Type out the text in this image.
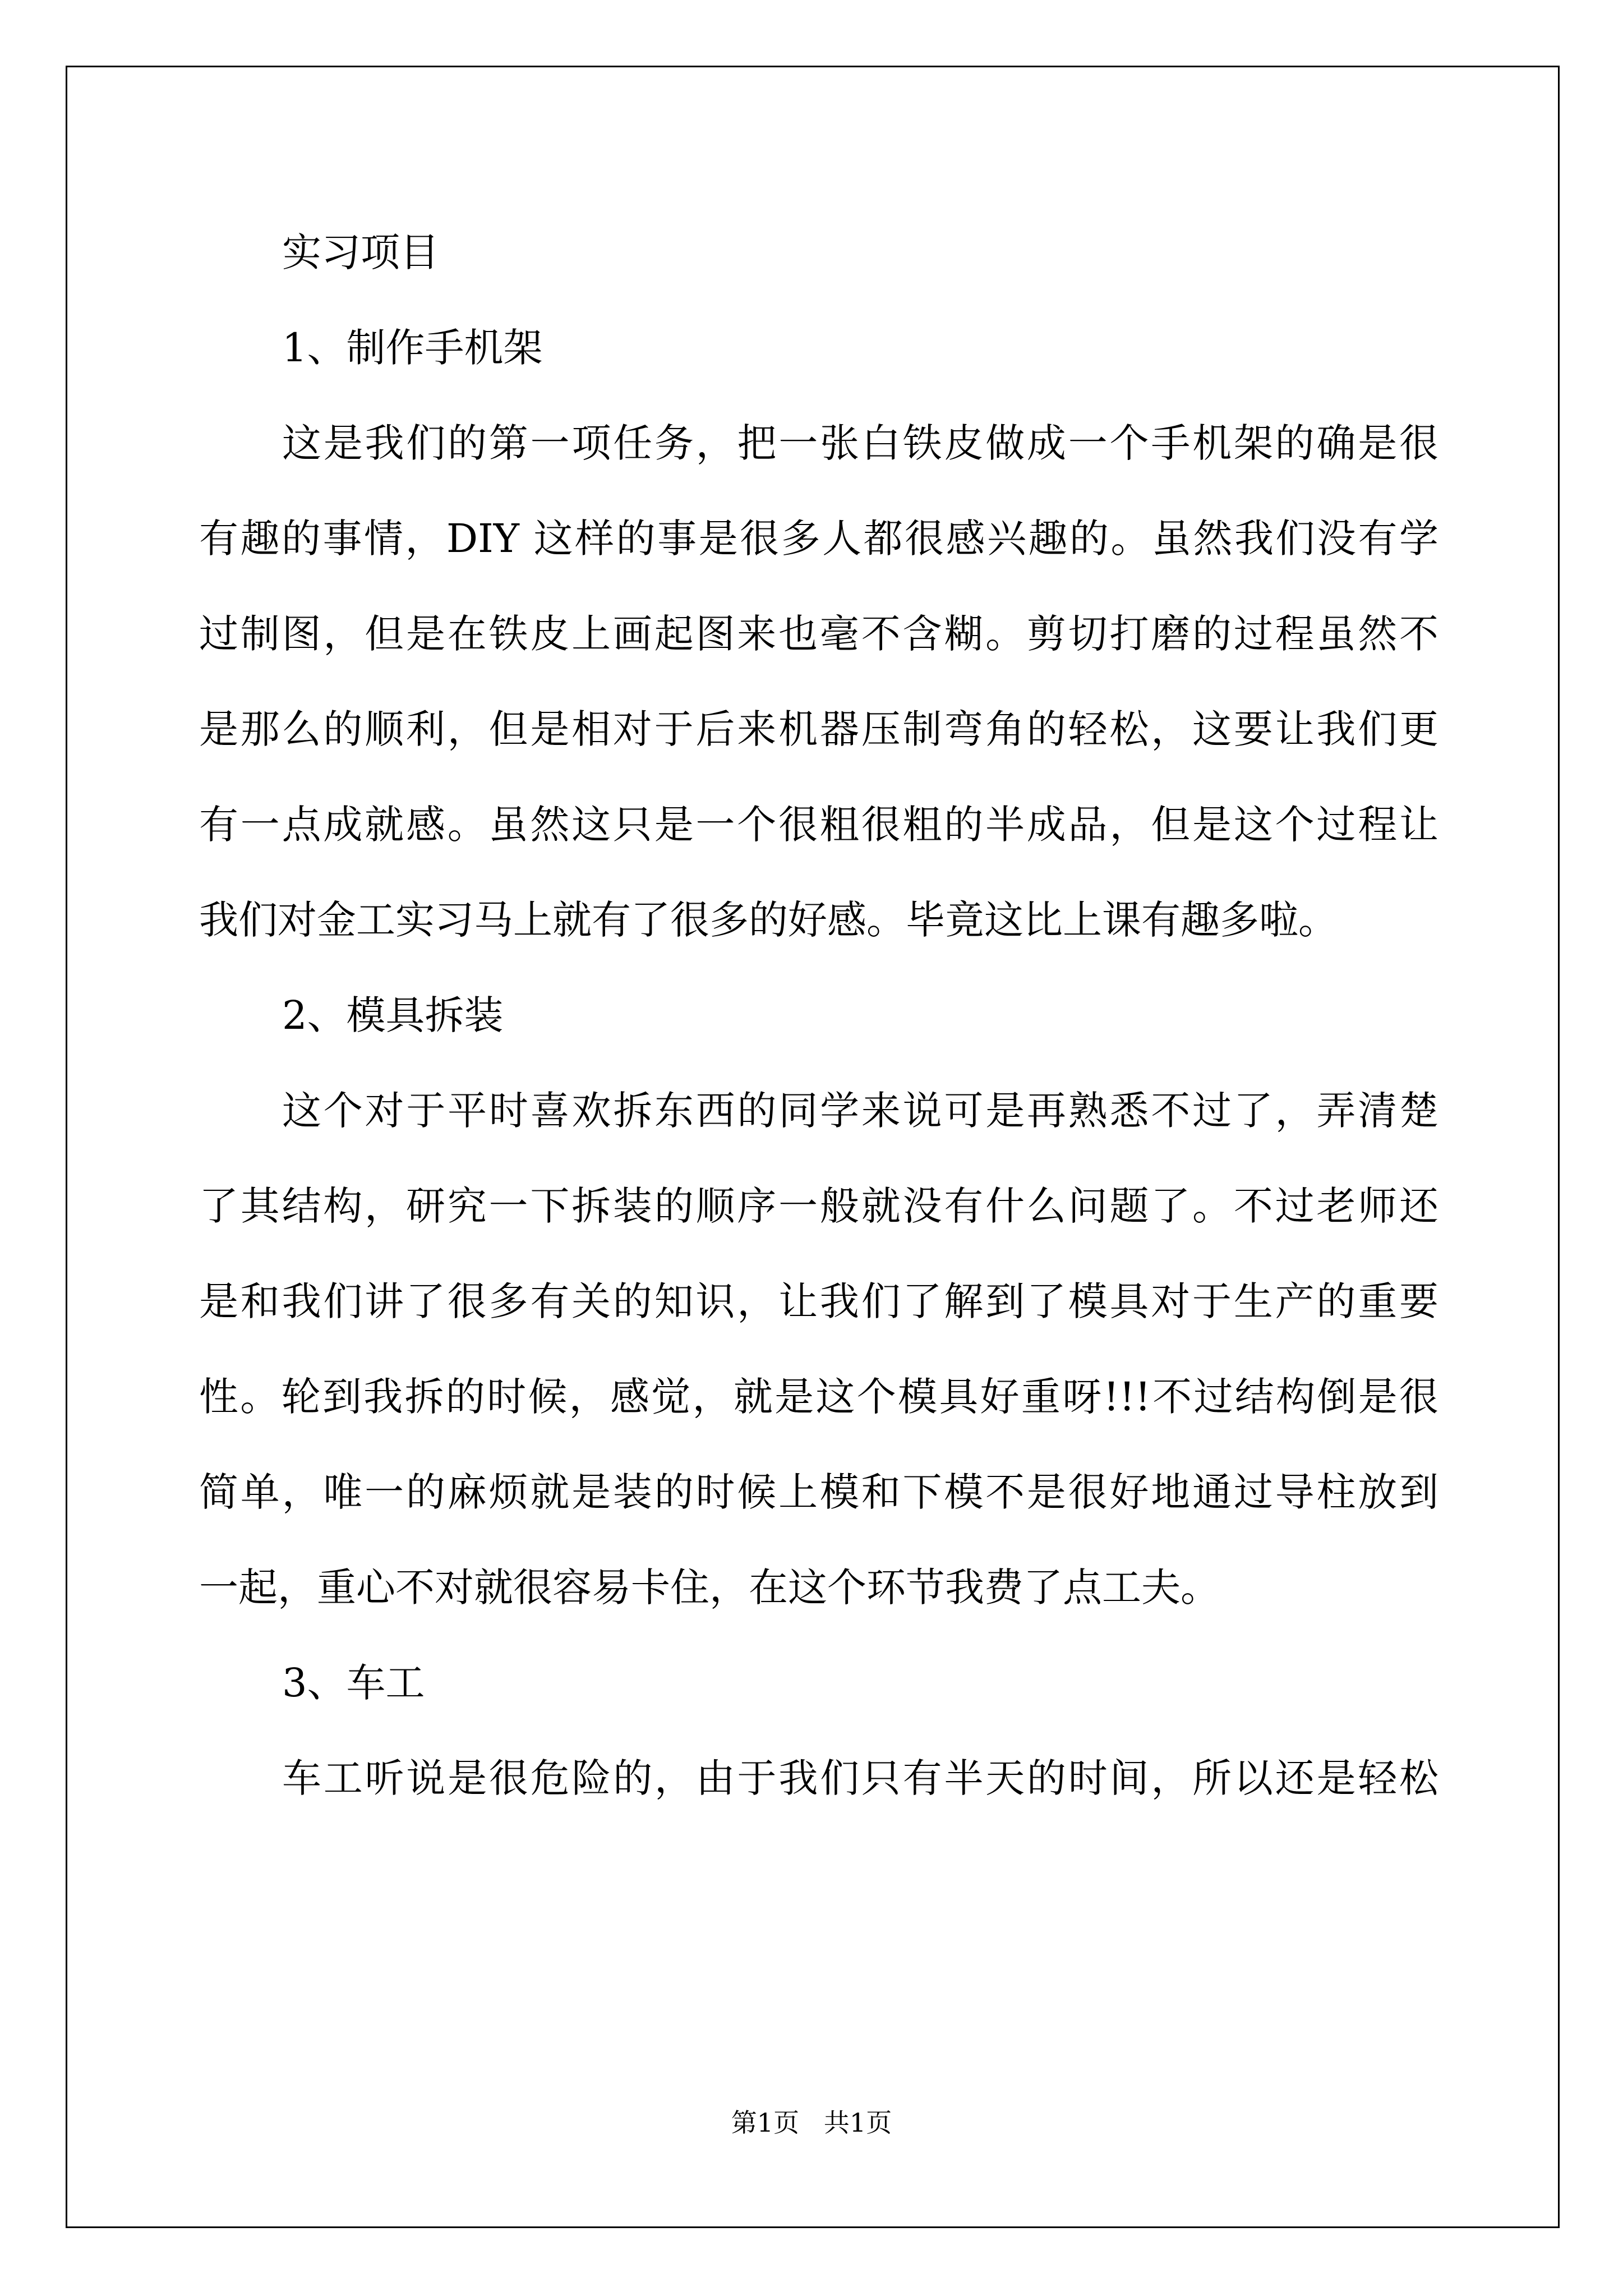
实习项目
1、制作手机架
这是我们的第一项任务，把一张白铁皮做成一个手机架的确是很
有趣的事情，DIY 这样的事是很多人都很感兴趣的。虽然我们没有学
过制图，但是在铁皮上画起图来也毫不含糊。剪切打磨的过程虽然不
是那么的顺利，但是相对于后来机器压制弯角的轻松，这要让我们更
有一点成就感。虽然这只是一个很粗很粗的半成品，但是这个过程让
我们对金工实习马上就有了很多的好感。毕竟这比上课有趣多啦。
2、模具拆装
这个对于平时喜欢拆东西的同学来说可是再熟悉不过了，弄清楚
了其结构，研究一下拆装的顺序一般就没有什么问题了。不过老师还
是和我们讲了很多有关的知识，让我们了解到了模具对于生产的重要
性。轮到我拆的时候，感觉，就是这个模具好重呀!!!不过结构倒是很
简单，唯一的麻烦就是装的时候上模和下模不是很好地通过导柱放到
一起，重心不对就很容易卡住，在这个环节我费了点工夫。
3、车工
车工听说是很危险的，由于我们只有半天的时间，所以还是轻松
第1页   共1页
